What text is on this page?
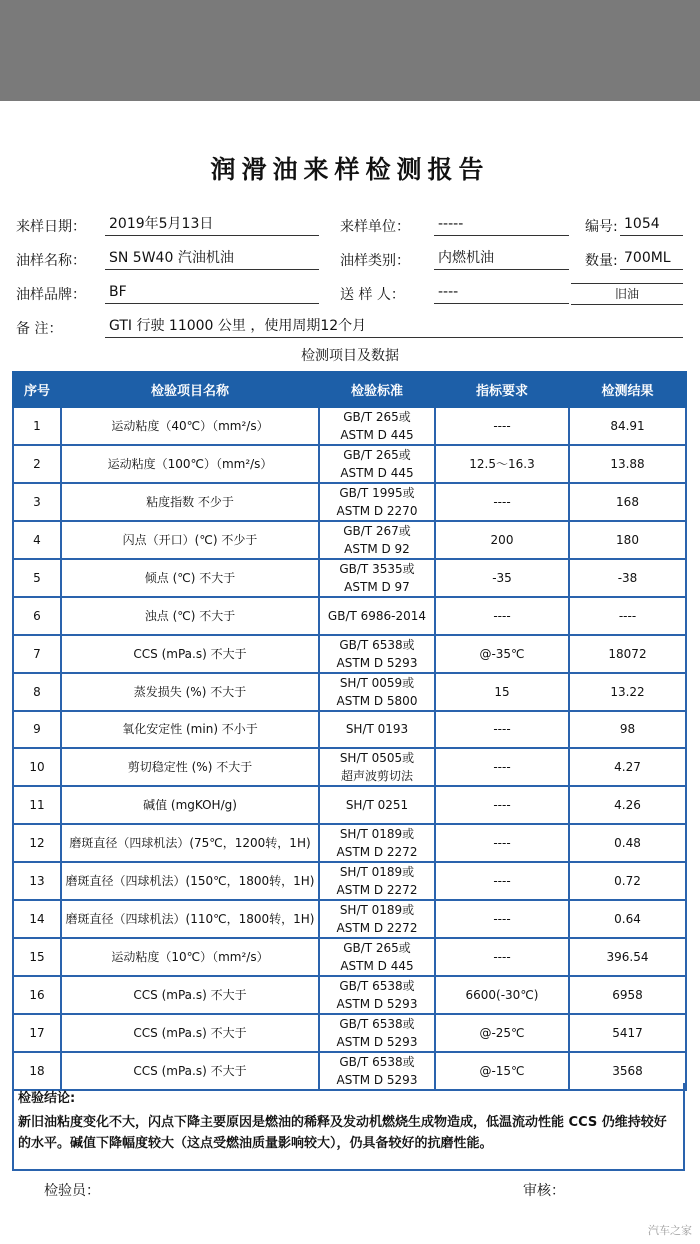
润滑油来样检测报告
来样日期： 2019年5月13日	来样单位： -----	编号: 1054
油样名称： SN 5W40 汽油机油	油样类别： 内燃机油	数量: 700ML
油样品牌： BF	送 样 人： ----	旧油
备 注：	GTI 行驶 11000 公里 ，使用周期12个月
检测项目及数据
序号	检验项目名称	检验标准	指标要求	检测结果

1	运动粘度（40℃）（mm²/s）	GB/T 265或
ASTM D 445	----	84.91

2	运动粘度（100℃）（mm²/s）	GB/T 265或
ASTM D 445	12.5～16.3	13.88

3	粘度指数 不少于	GB/T 1995或
ASTM D 2270	----	168

4	闪点（开口）(℃) 不少于	GB/T 267或
ASTM D 92	200	180

5	倾点 (℃) 不大于	GB/T 3535或
ASTM D 97	-35	-38

6	浊点 (℃) 不大于	GB/T 6986-2014	----	----

7	CCS (mPa.s) 不大于	GB/T 6538或
ASTM D 5293	@-35℃	18072

8	蒸发损失 (%) 不大于	SH/T 0059或
ASTM D 5800	15	13.22

9	氧化安定性 (min) 不小于	SH/T 0193	----	98

10	剪切稳定性 (%) 不大于	SH/T 0505或
超声波剪切法	----	4.27

11	碱值 (mgKOH/g)	SH/T 0251	----	4.26

12	磨斑直径（四球机法）(75℃，1200转，1H)	SH/T 0189或
ASTM D 2272	----	0.48

13	磨斑直径（四球机法）(150℃，1800转，1H)	SH/T 0189或
ASTM D 2272	----	0.72

14	磨斑直径（四球机法）(110℃，1800转，1H)	SH/T 0189或
ASTM D 2272	----	0.64

15	运动粘度（10℃）（mm²/s）	GB/T 265或
ASTM D 445	----	396.54

16	CCS (mPa.s) 不大于	GB/T 6538或
ASTM D 5293	6600(-30℃)	6958

17	CCS (mPa.s) 不大于	GB/T 6538或
ASTM D 5293	@-25℃	5417

18	CCS (mPa.s) 不大于	GB/T 6538或
ASTM D 5293	@-15℃	3568
检验结论:
新旧油粘度变化不大，闪点下降主要原因是燃油的稀释及发动机燃烧生成物造成，低温流动性能 CCS 仍维持较好的水平。碱值下降幅度较大（这点受燃油质量影响较大），仍具备较好的抗磨性能。
检验员：	审核：
汽车之家
